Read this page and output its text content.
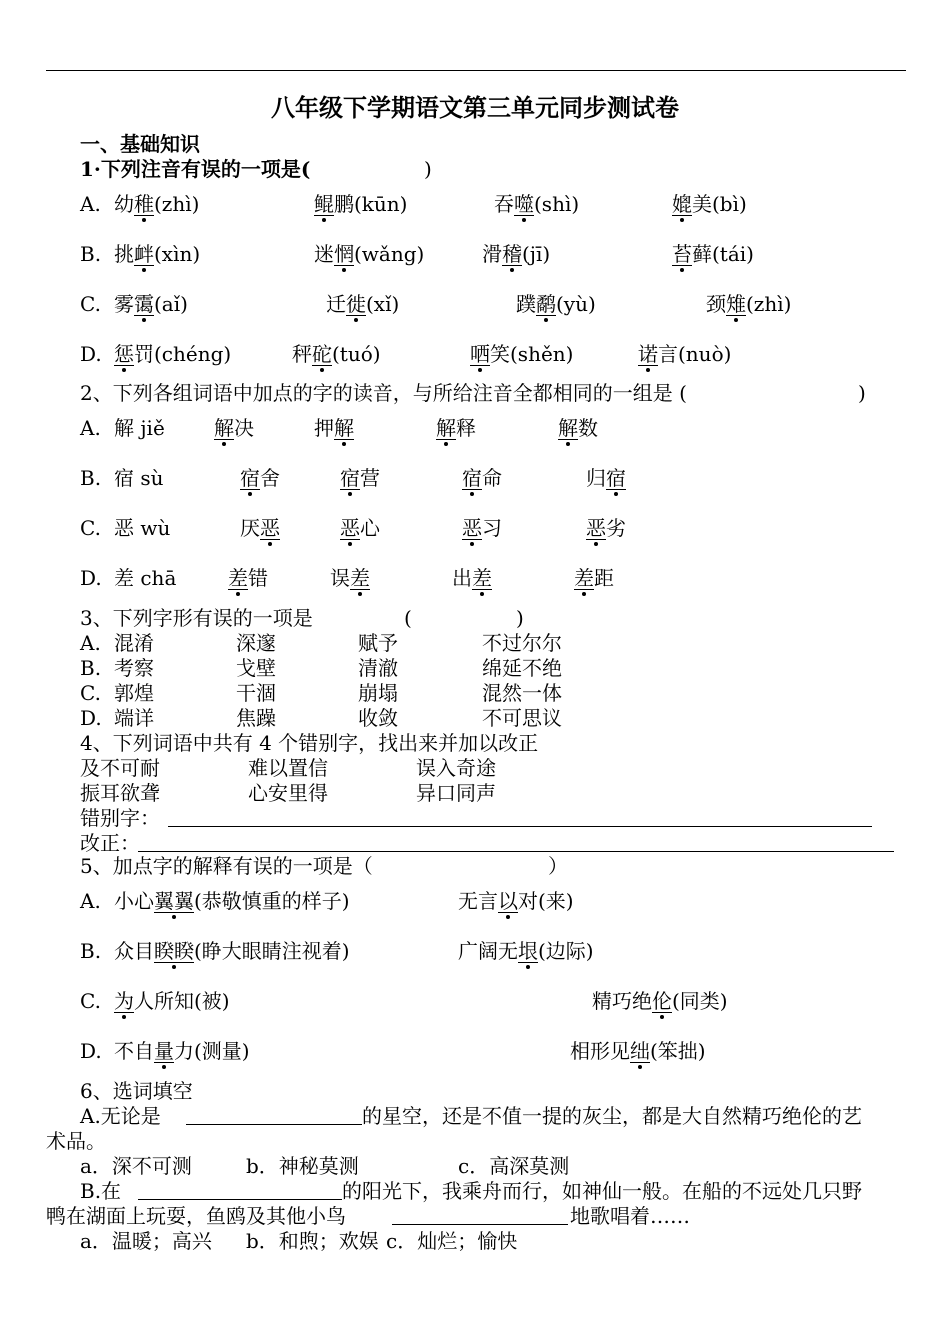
八年级下学期语文第三单元同步测试卷
一、基础知识
1·下列注音有误的一项是(	)
A. 幼稚(zhì)	鲲鹏(kūn)	吞噬(shì)	媲美(bì)
B. 挑衅(xìn)	迷惘(wǎng)	滑稽(jī)	苔藓(tái)
C. 雾霭(aǐ)	迁徙(xǐ)	蹼鹬(yù)	颈雉(zhì)
D. 惩罚(chéng)	秤砣(tuó)	哂笑(shěn)	诺言(nuò)
2、下列各组词语中加点的字的读音，与所给注音全都相同的一组是 (	)
A. 解 jiě 解决	押解	解释	解数
B. 宿 sù	宿舍	宿营	宿命	归宿
C. 恶 wù	厌恶	恶心	恶习	恶劣
D. 差 chā	差错	误差	出差	差距
3、下列字形有误的一项是	(	)
A. 混淆	深邃	赋予	不过尔尔
B. 考察	戈壁	清澈	绵延不绝
C. 郭煌	干涸	崩塌	混然一体
D. 端详	焦躁	收敛	不可思议
4、下列词语中共有 4 个错别字，找出来并加以改正
及不可耐	难以置信	误入奇途
振耳欲聋	心安里得	异口同声
错别字：
改正：
5、加点字的解释有误的一项是（	）
A. 小心翼翼(恭敬慎重的样子)	无言以对(来)
B. 众目睽睽(睁大眼睛注视着)	广阔无垠(边际)
C. 为人所知(被)	精巧绝伦(同类)
D. 不自量力(测量)	相形见绌(笨拙)
6、选词填空
A.无论是	的星空，还是不值一提的灰尘，都是大自然精巧绝伦的艺
术品。
a．深不可测	b．神秘莫测	c．高深莫测
B.在	的阳光下，我乘舟而行，如神仙一般。在船的不远处几只野
鸭在湖面上玩耍，鱼鸥及其他小鸟	地歌唱着……
a．温暖；高兴 b．和煦；欢娱 c．灿烂；愉快
